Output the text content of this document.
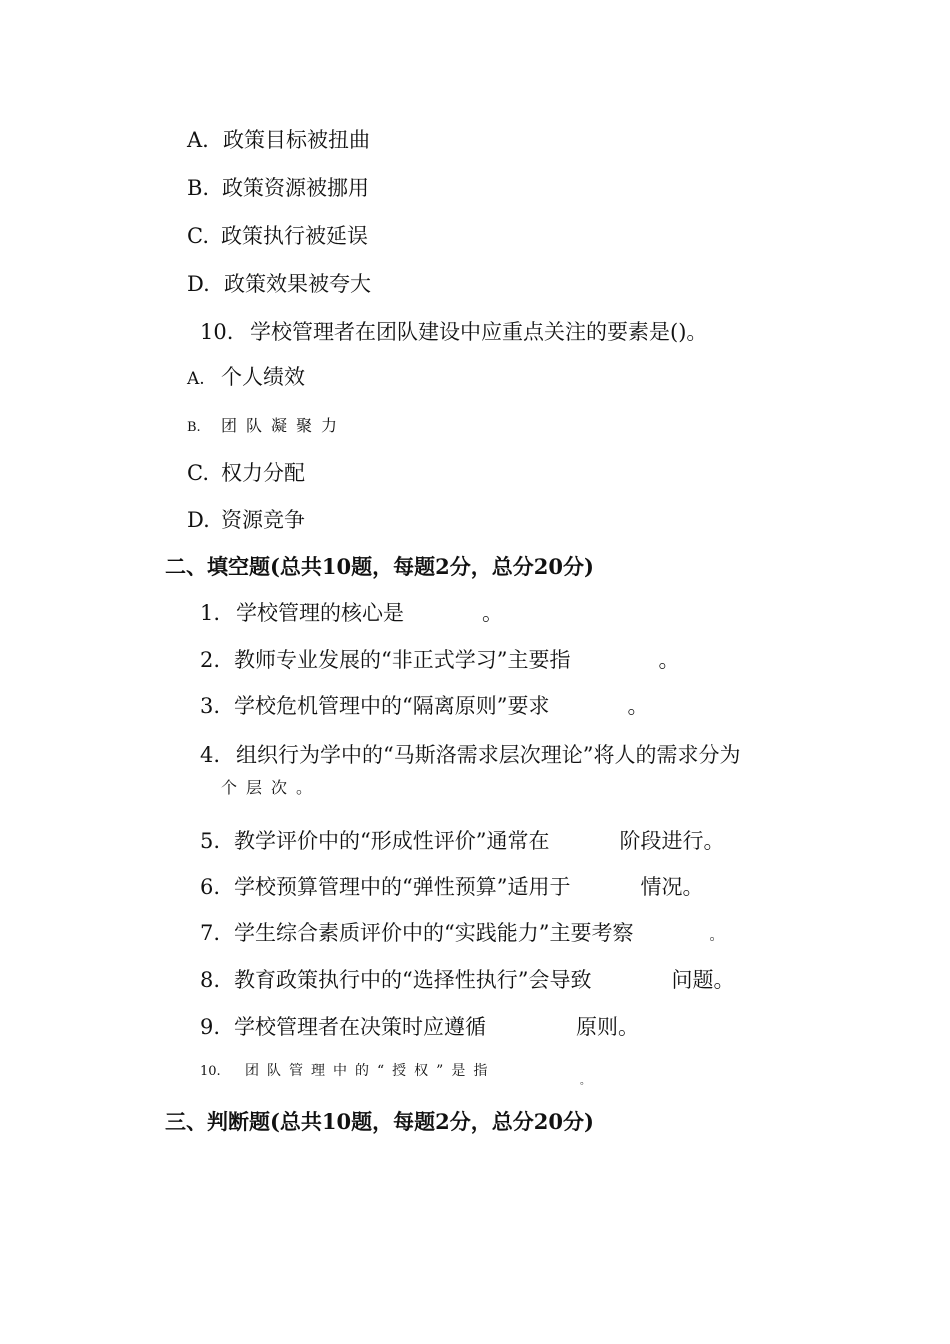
A. 政策目标被扭曲
B. 政策资源被挪用
C. 政策执行被延误
D. 政策效果被夸大
10. 学校管理者在团队建设中应重点关注的要素是()。
A. 个人绩效
B. 团队凝聚力
C. 权力分配
D. 资源竞争
二、填空题(总共10题，每题2分，总分20分)
1. 学校管理的核心是	。
2. 教师专业发展的“非正式学习”主要指	。
3. 学校危机管理中的“隔离原则”要求	。
4. 组织行为学中的“马斯洛需求层次理论”将人的需求分为
个层次。
5. 教学评价中的“形成性评价”通常在	阶段进行。
6. 学校预算管理中的“弹性预算”适用于	情况。
7. 学生综合素质评价中的“实践能力”主要考察	。
8. 教育政策执行中的“选择性执行”会导致	问题。
9. 学校管理者在决策时应遵循	原则。
10. 团队管理中的“授权”是指
。
三、判断题(总共10题，每题2分，总分20分)
